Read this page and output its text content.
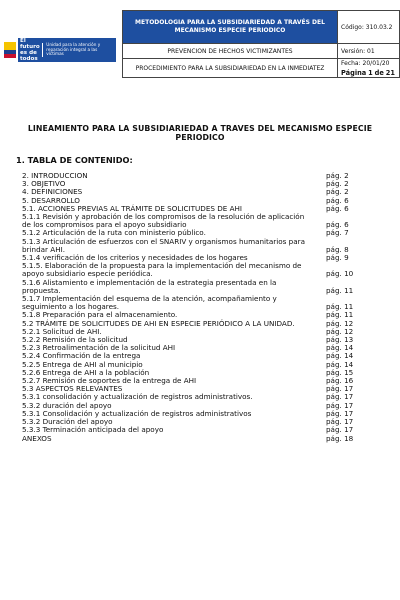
El futuro es de todos
Unidad para la atención y reparación integral a las víctimas
METODOLOGIA PARA LA SUBSIDIARIEDAD A TRAVÉS DEL MECANISMO ESPECIE PERIODICO	Código: 310.03.2
PREVENCION DE HECHOS VICTIMIZANTES	Versión: 01
PROCEDIMIENTO PARA LA SUBSIDIARIEDAD EN LA INMEDIATEZ	Fecha: 20/01/20
	Página 1 de 21
LINEAMIENTO PARA LA SUBSIDIARIEDAD A TRAVES DEL MECANISMO ESPECIE PERIODICO
1. TABLA DE CONTENIDO:
2. INTRODUCCION	pág. 2
3. OBJETIVO	pág. 2
4. DEFINICIONES	pág. 2
5. DESARROLLO	pág. 6
5.1. ACCIONES PREVIAS AL TRÁMITE DE SOLICITUDES DE AHI	pág. 6
5.1.1 Revisión y aprobación de los compromisos de la resolución de aplicación de los compromisos para el apoyo subsidiario	pág. 6
5.1.2 Articulación de la ruta con ministerio público.	pág. 7
5.1.3 Articulación de esfuerzos con el SNARIV y organismos humanitarios para brindar AHI.	pág. 8
5.1.4 verificación de los criterios y necesidades de los hogares	pág. 9
5.1.5. Elaboración de la propuesta para la implementación del mecanismo de apoyo subsidiario especie periódica.	pág. 10
5.1.6 Alistamiento e implementación de la estrategia presentada en la propuesta.	pág. 11
5.1.7 Implementación del esquema de la atención, acompañamiento y seguimiento a los hogares.	pág. 11
5.1.8 Preparación para el almacenamiento.	pág. 11
5.2 TRÁMITE DE SOLICITUDES DE AHI EN ESPECIE PERIÓDICO A LA UNIDAD.	pág. 12
5.2.1 Solicitud de AHI.	pág. 12
5.2.2 Remisión de la solicitud	pág. 13
5.2.3 Retroalimentación de la solicitud AHI	pág. 14
5.2.4 Confirmación de la entrega	pág. 14
5.2.5 Entrega de AHI al municipio	pág. 14
5.2.6 Entrega de AHI a la población	pág. 15
5.2.7 Remisión de soportes de la entrega de AHI	pág. 16
5.3 ASPECTOS RELEVANTES	pág. 17
5.3.1 consolidación y actualización de registros administrativos.	pág. 17
5.3.2 duración del apoyo	pág. 17
5.3.1 Consolidación y actualización de registros administrativos	pág. 17
5.3.2 Duración del apoyo	pág. 17
5.3.3 Terminación anticipada del apoyo	pág. 17
ANEXOS	pág. 18
